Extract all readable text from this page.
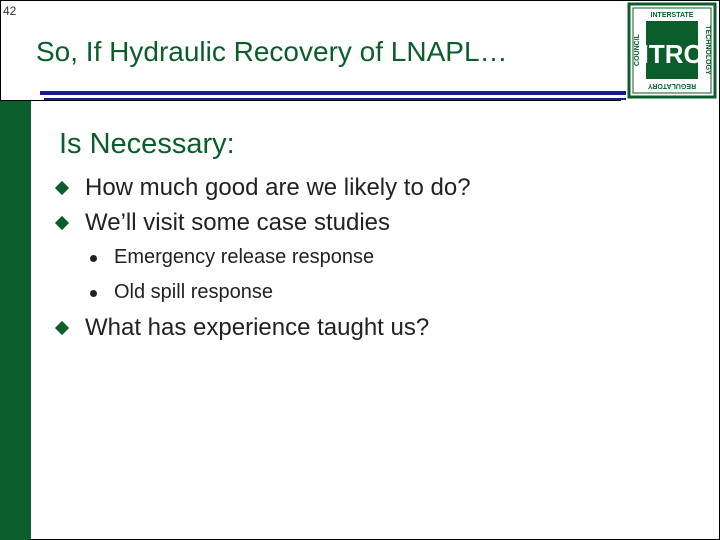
42
Hydraulic Recovery Capability
So, If Hydraulic Recovery of LNAPL…	ITRC
INTERSTATE
REGULATORY
TECHNOLOGY
COUNCIL
Is Necessary:
How much good are we likely to do?
We’ll visit some case studies
Emergency release response
Old spill response
What has experience taught us?
